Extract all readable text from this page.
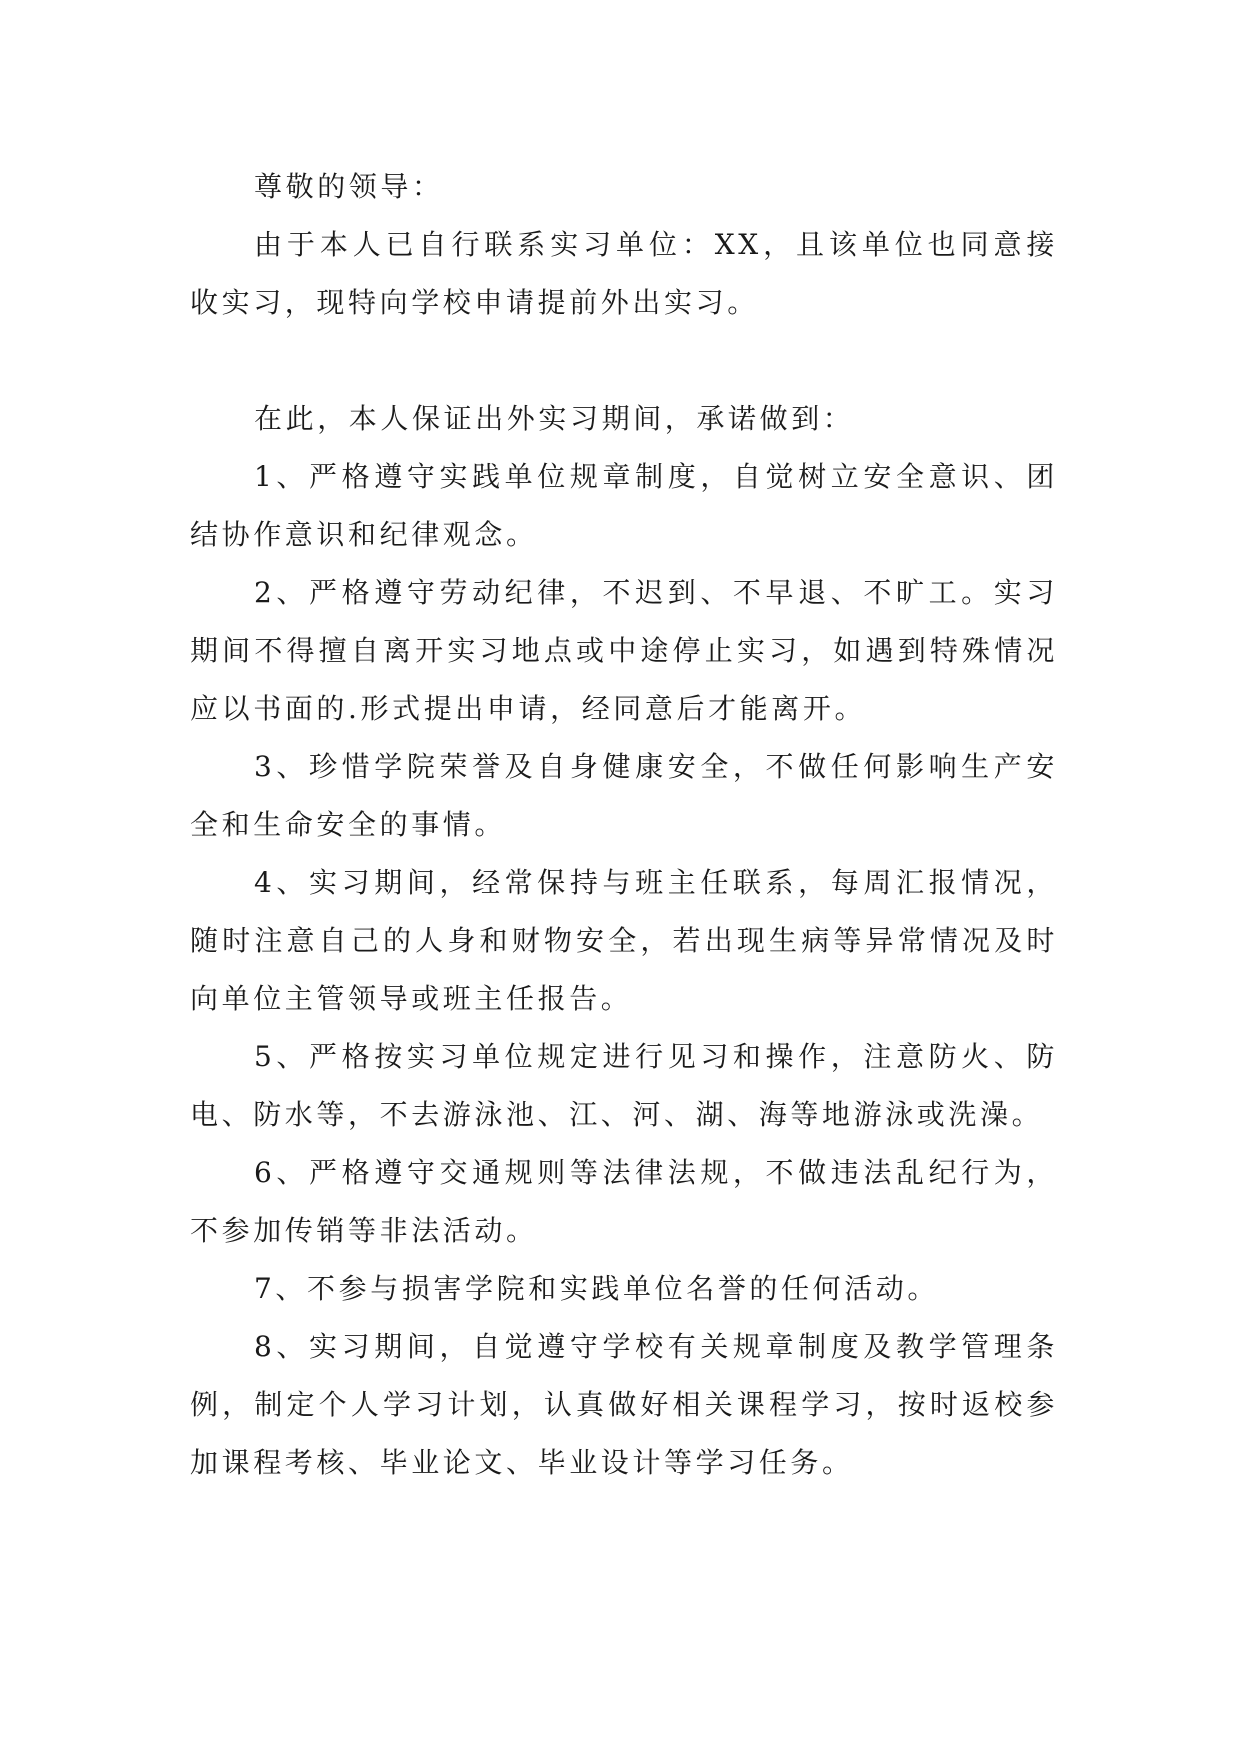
尊敬的领导：

由于本人已自行联系实习单位：XX，且该单位也同意接收实习，现特向学校申请提前外出实习。

在此，本人保证出外实习期间，承诺做到：

1、严格遵守实践单位规章制度，自觉树立安全意识、团结协作意识和纪律观念。

2、严格遵守劳动纪律，不迟到、不早退、不旷工。实习期间不得擅自离开实习地点或中途停止实习，如遇到特殊情况应以书面的.形式提出申请，经同意后才能离开。

3、珍惜学院荣誉及自身健康安全，不做任何影响生产安全和生命安全的事情。

4、实习期间，经常保持与班主任联系，每周汇报情况，随时注意自己的人身和财物安全，若出现生病等异常情况及时向单位主管领导或班主任报告。

5、严格按实习单位规定进行见习和操作，注意防火、防电、防水等，不去游泳池、江、河、湖、海等地游泳或洗澡。

6、严格遵守交通规则等法律法规，不做违法乱纪行为，不参加传销等非法活动。

7、不参与损害学院和实践单位名誉的任何活动。

8、实习期间，自觉遵守学校有关规章制度及教学管理条例，制定个人学习计划，认真做好相关课程学习，按时返校参加课程考核、毕业论文、毕业设计等学习任务。
